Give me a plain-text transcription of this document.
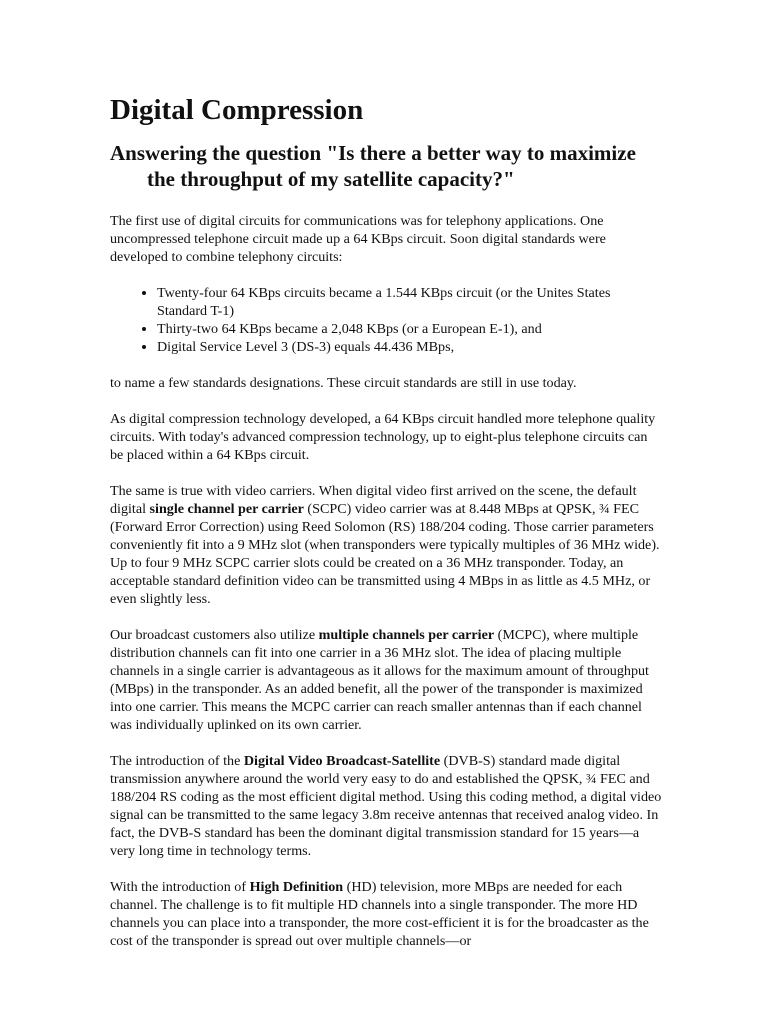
Digital Compression
Answering the question "Is there a better way to maximize the throughput of my satellite capacity?"

The first use of digital circuits for communications was for telephony applications. One uncompressed telephone circuit made up a 64 KBps circuit. Soon digital standards were developed to combine telephony circuits:

• Twenty-four 64 KBps circuits became a 1.544 KBps circuit (or the Unites States Standard T-1)
• Thirty-two 64 KBps became a 2,048 KBps (or a European E-1), and
• Digital Service Level 3 (DS-3) equals 44.436 MBps,

to name a few standards designations. These circuit standards are still in use today.

As digital compression technology developed, a 64 KBps circuit handled more telephone quality circuits. With today's advanced compression technology, up to eight-plus telephone circuits can be placed within a 64 KBps circuit.

The same is true with video carriers. When digital video first arrived on the scene, the default digital single channel per carrier (SCPC) video carrier was at 8.448 MBps at QPSK, ¾ FEC (Forward Error Correction) using Reed Solomon (RS) 188/204 coding. Those carrier parameters conveniently fit into a 9 MHz slot (when transponders were typically multiples of 36 MHz wide). Up to four 9 MHz SCPC carrier slots could be created on a 36 MHz transponder. Today, an acceptable standard definition video can be transmitted using 4 MBps in as little as 4.5 MHz, or even slightly less.

Our broadcast customers also utilize multiple channels per carrier (MCPC), where multiple distribution channels can fit into one carrier in a 36 MHz slot. The idea of placing multiple channels in a single carrier is advantageous as it allows for the maximum amount of throughput (MBps) in the transponder. As an added benefit, all the power of the transponder is maximized into one carrier. This means the MCPC carrier can reach smaller antennas than if each channel was individually uplinked on its own carrier.

The introduction of the Digital Video Broadcast-Satellite (DVB-S) standard made digital transmission anywhere around the world very easy to do and established the QPSK, ¾ FEC and 188/204 RS coding as the most efficient digital method. Using this coding method, a digital video signal can be transmitted to the same legacy 3.8m receive antennas that received analog video. In fact, the DVB-S standard has been the dominant digital transmission standard for 15 years—a very long time in technology terms.

With the introduction of High Definition (HD) television, more MBps are needed for each channel. The challenge is to fit multiple HD channels into a single transponder. The more HD channels you can place into a transponder, the more cost-efficient it is for the broadcaster as the cost of the transponder is spread out over multiple channels—or
